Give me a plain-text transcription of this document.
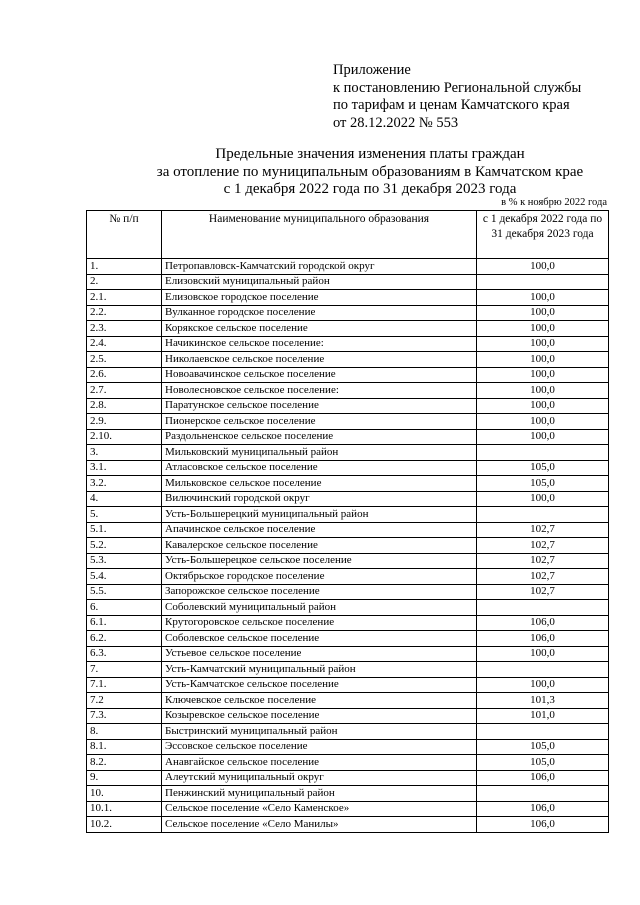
Приложение
к постановлению Региональной службы
по тарифам и ценам Камчатского края
от 28.12.2022 № 553
Предельные значения изменения платы граждан
за отопление по муниципальным образованиям в Камчатском крае
с 1 декабря 2022 года по 31 декабря 2023 года
в % к ноябрю 2022 года
№ п/п	Наименование муниципального образования	с 1 декабря 2022 года по 31 декабря 2023 года
1.	Петропавловск-Камчатский городской округ	100,0
2.	Елизовский муниципальный район	
2.1.	Елизовское городское поселение	100,0
2.2.	Вулканное городское поселение	100,0
2.3.	Корякское сельское поселение	100,0
2.4.	Начикинское сельское поселение:	100,0
2.5.	Николаевское сельское поселение	100,0
2.6.	Новоавачинское сельское поселение	100,0
2.7.	Новолесновское сельское поселение:	100,0
2.8.	Паратунское сельское поселение	100,0
2.9.	Пионерское сельское поселение	100,0
2.10.	Раздольненское сельское поселение	100,0
3.	Мильковский муниципальный район	
3.1.	Атласовское сельское поселение	105,0
3.2.	Мильковское сельское поселение	105,0
4.	Вилючинский городской округ	100,0
5.	Усть-Большерецкий муниципальный район	
5.1.	Апачинское сельское поселение	102,7
5.2.	Кавалерское сельское поселение	102,7
5.3.	Усть-Большерецкое сельское поселение	102,7
5.4.	Октябрьское городское поселение	102,7
5.5.	Запорожское сельское поселение	102,7
6.	Соболевский муниципальный район	
6.1.	Крутогоровское сельское поселение	106,0
6.2.	Соболевское сельское поселение	106,0
6.3.	Устьевое сельское поселение	100,0
7.	Усть-Камчатский муниципальный район	
7.1.	Усть-Камчатское сельское поселение	100,0
7.2	Ключевское сельское поселение	101,3
7.3.	Козыревское сельское поселение	101,0
8.	Быстринский муниципальный район	
8.1.	Эссовское сельское поселение	105,0
8.2.	Анавгайское сельское поселение	105,0
9.	Алеутский муниципальный округ	106,0
10.	Пенжинский муниципальный район	
10.1.	Сельское поселение «Село Каменское»	106,0
10.2.	Сельское поселение «Село Манилы»	106,0
